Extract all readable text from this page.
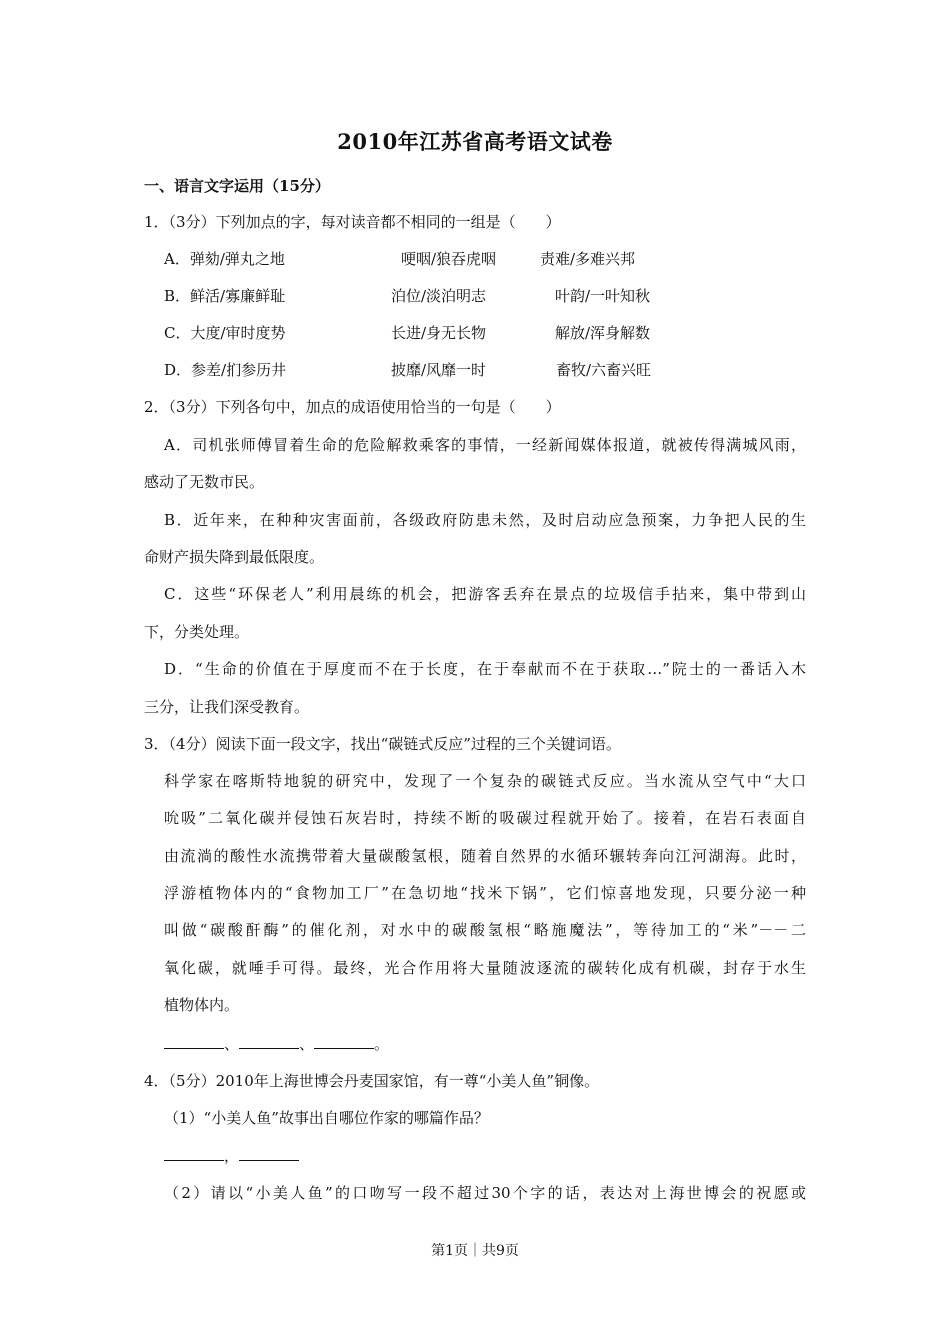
2010年江苏省高考语文试卷
一、语言文字运用（15分）
1．（3分）下列加点的字，每对读音都不相同的一组是（　　）
A．弹劾/弹丸之地	哽咽/狼吞虎咽	责难/多难兴邦
B．鲜活/寡廉鲜耻	泊位/淡泊明志	叶韵/一叶知秋
C．大度/审时度势	长进/身无长物	解放/浑身解数
D．参差/扪参历井	披靡/风靡一时	畜牧/六畜兴旺
2．（3分）下列各句中，加点的成语使用恰当的一句是（　　）
A．司机张师傅冒着生命的危险解救乘客的事情，一经新闻媒体报道，就被传得满城风雨，
感动了无数市民。
B．近年来，在种种灾害面前，各级政府防患未然，及时启动应急预案，力争把人民的生
命财产损失降到最低限度。
C．这些“环保老人”利用晨练的机会，把游客丢弃在景点的垃圾信手拈来，集中带到山
下，分类处理。
D．“生命的价值在于厚度而不在于长度，在于奉献而不在于获取…”院士的一番话入木
三分，让我们深受教育。
3．（4分）阅读下面一段文字，找出“碳链式反应”过程的三个关键词语。
科学家在喀斯特地貌的研究中，发现了一个复杂的碳链式反应。当水流从空气中“大口
吮吸”二氧化碳并侵蚀石灰岩时，持续不断的吸碳过程就开始了。接着，在岩石表面自
由流淌的酸性水流携带着大量碳酸氢根，随着自然界的水循环辗转奔向江河湖海。此时，
浮游植物体内的“食物加工厂”在急切地“找米下锅”，它们惊喜地发现，只要分泌一种
叫做“碳酸酐酶”的催化剂，对水中的碳酸氢根“略施魔法”，等待加工的“米”－－二
氧化碳，就唾手可得。最终，光合作用将大量随波逐流的碳转化成有机碳，封存于水生
植物体内。
、	、	。
4．（5分）2010年上海世博会丹麦国家馆，有一尊“小美人鱼”铜像。
（1）“小美人鱼”故事出自哪位作家的哪篇作品？
，
（2）请以“小美人鱼”的口吻写一段不超过30个字的话，表达对上海世博会的祝愿或
第1页｜共9页
